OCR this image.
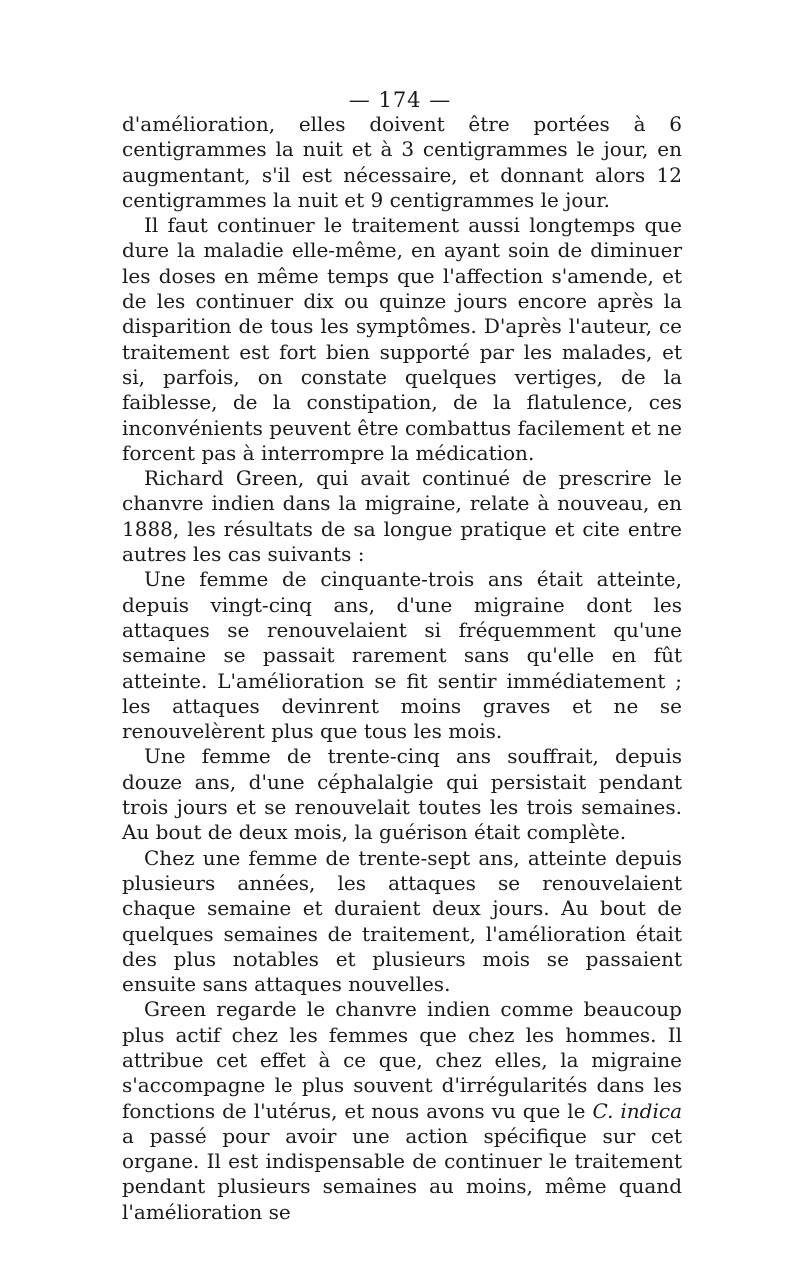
— 174 —

d'amélioration, elles doivent être portées à 6 centigrammes la nuit et à 3 centigrammes le jour, en augmentant, s'il est nécessaire, et donnant alors 12 centigrammes la nuit et 9 centigrammes le jour.

Il faut continuer le traitement aussi longtemps que dure la maladie elle-même, en ayant soin de diminuer les doses en même temps que l'affection s'amende, et de les continuer dix ou quinze jours encore après la disparition de tous les symptômes. D'après l'auteur, ce traitement est fort bien supporté par les malades, et si, parfois, on constate quelques vertiges, de la faiblesse, de la constipation, de la flatulence, ces inconvénients peuvent être combattus facilement et ne forcent pas à interrompre la médication.

Richard Green, qui avait continué de prescrire le chanvre indien dans la migraine, relate à nouveau, en 1888, les résultats de sa longue pratique et cite entre autres les cas suivants :

Une femme de cinquante-trois ans était atteinte, depuis vingt-cinq ans, d'une migraine dont les attaques se renouvelaient si fréquemment qu'une semaine se passait rarement sans qu'elle en fût atteinte. L'amélioration se fit sentir immédiatement ; les attaques devinrent moins graves et ne se renouvelèrent plus que tous les mois.

Une femme de trente-cinq ans souffrait, depuis douze ans, d'une céphalalgie qui persistait pendant trois jours et se renouvelait toutes les trois semaines. Au bout de deux mois, la guérison était complète.

Chez une femme de trente-sept ans, atteinte depuis plusieurs années, les attaques se renouvelaient chaque semaine et duraient deux jours. Au bout de quelques semaines de traitement, l'amélioration était des plus notables et plusieurs mois se passaient ensuite sans attaques nouvelles.

Green regarde le chanvre indien comme beaucoup plus actif chez les femmes que chez les hommes. Il attribue cet effet à ce que, chez elles, la migraine s'accompagne le plus souvent d'irrégularités dans les fonctions de l'utérus, et nous avons vu que le C. indica a passé pour avoir une action spécifique sur cet organe. Il est indispensable de continuer le traitement pendant plusieurs semaines au moins, même quand l'amélioration se
